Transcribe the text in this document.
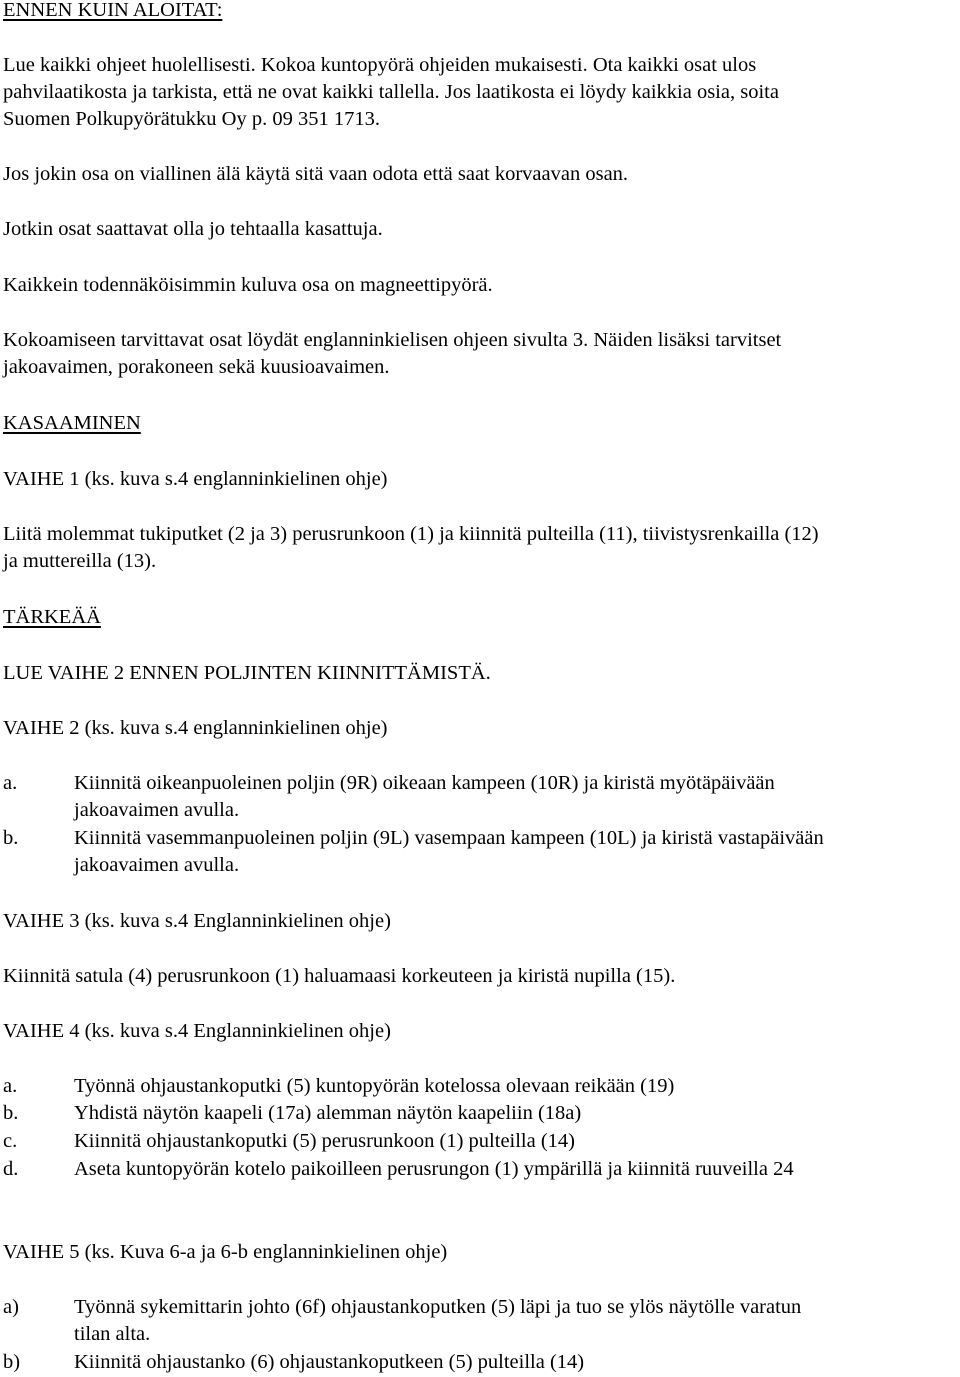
ENNEN KUIN ALOITAT:

Lue kaikki ohjeet huolellisesti. Kokoa kuntopyörä ohjeiden mukaisesti. Ota kaikki osat ulos

pahvilaatikosta ja tarkista, että ne ovat kaikki tallella. Jos laatikosta ei löydy kaikkia osia, soita

Suomen Polkupyörätukku Oy p. 09 351 1713.

Jos jokin osa on viallinen älä käytä sitä vaan odota että saat korvaavan osan.

Jotkin osat saattavat olla jo tehtaalla kasattuja.

Kaikkein todennäköisimmin kuluva osa on magneettipyörä.

Kokoamiseen tarvittavat osat löydät englanninkielisen ohjeen sivulta 3. Näiden lisäksi tarvitset

jakoavaimen, porakoneen sekä kuusioavaimen.

KASAAMINEN

VAIHE 1 (ks. kuva s.4 englanninkielinen ohje)

Liitä molemmat tukiputket (2 ja 3) perusrunkoon (1) ja kiinnitä pulteilla (11), tiivistysrenkailla (12)

ja muttereilla (13).

TÄRKEÄÄ

LUE VAIHE 2 ENNEN POLJINTEN KIINNITTÄMISTÄ.

VAIHE 2 (ks. kuva s.4 englanninkielinen ohje)

a.	Kiinnitä oikeanpuoleinen poljin (9R) oikeaan kampeen (10R) ja kiristä myötäpäivään
jakoavaimen avulla.
b.	Kiinnitä vasemmanpuoleinen poljin (9L) vasempaan kampeen (10L) ja kiristä vastapäivään
jakoavaimen avulla.

VAIHE 3 (ks. kuva s.4 Englanninkielinen ohje)

Kiinnitä satula (4) perusrunkoon (1) haluamaasi korkeuteen ja kiristä nupilla (15).

VAIHE 4 (ks. kuva s.4 Englanninkielinen ohje)

a.	Työnnä ohjaustankoputki (5) kuntopyörän kotelossa olevaan reikään (19)
b.	Yhdistä näytön kaapeli (17a) alemman näytön kaapeliin (18a)
c.	Kiinnitä ohjaustankoputki (5) perusrunkoon (1) pulteilla (14)
d.	Aseta kuntopyörän kotelo paikoilleen perusrungon (1) ympärillä ja kiinnitä ruuveilla 24

VAIHE 5 (ks. Kuva 6-a ja 6-b englanninkielinen ohje)

a)	Työnnä sykemittarin johto (6f) ohjaustankoputken (5) läpi ja tuo se ylös näytölle varatun
tilan alta.
b)	Kiinnitä ohjaustanko (6) ohjaustankoputkeen (5) pulteilla (14)
